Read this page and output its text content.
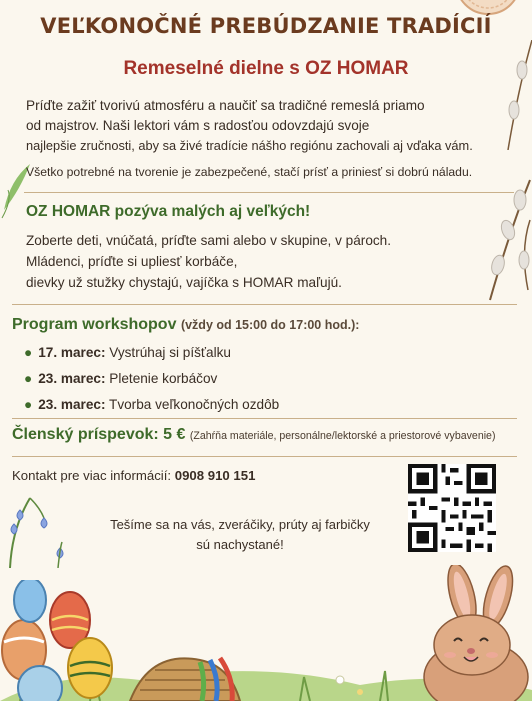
VEĽKONOČNÉ PREBÚDZANIE TRADÍCIÍ
Remeselné dielne s OZ HOMAR
Príďte zažiť tvorivú atmosféru a naučiť sa tradičné remeslá priamo
od majstrov. Naši lektori vám s radosťou odovzdajú svoje
najlepšie zručnosti, aby sa živé tradície nášho regiónu zachovali aj vďaka vám.
Všetko potrebné na tvorenie je zabezpečené, stačí prísť a priniesť si dobrú náladu.
OZ HOMAR pozýva malých aj veľkých!
Zoberte deti, vnúčatá, príďte sami alebo v skupine, v pároch.
Mládenci, príďte si upliesť korbáče,
dievky už stužky chystajú, vajíčka s HOMAR maľujú.
Program workshopov (vždy od 15:00 do 17:00 hod.):
● 17. marec: Vystrúhaj si píšťalku
● 23. marec: Pletenie korbáčov
● 23. marec: Tvorba veľkonočných ozdôb
Členský príspevok: 5 € (Zahŕňa materiále, personálne/lektorské a priestorové vybavenie)
Kontakt pre viac informácií: 0908 910 151
Tešíme sa na vás, zveráčiky, prúty aj farbičky
sú nachystané!
